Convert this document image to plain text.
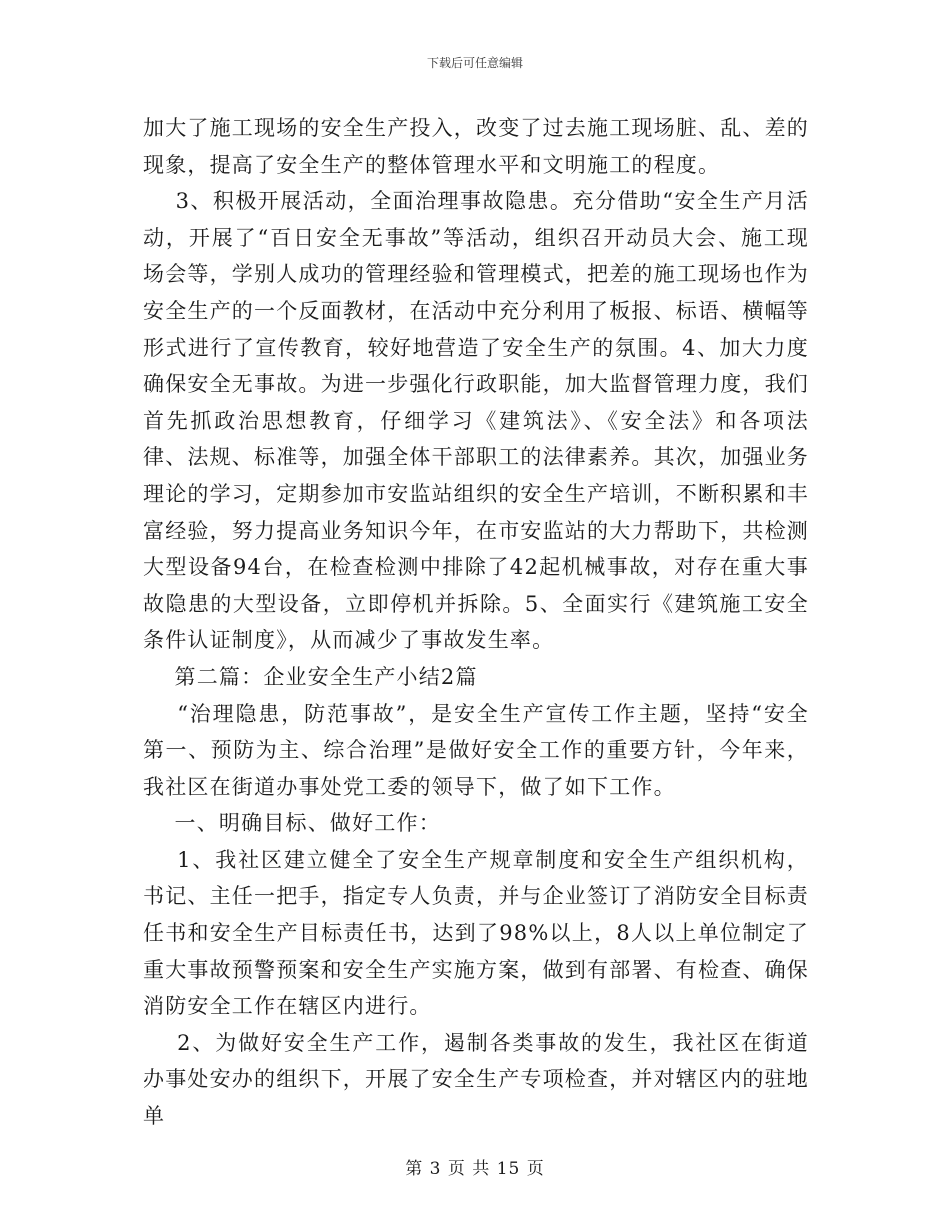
下载后可任意编辑

加大了施工现场的安全生产投入，改变了过去施工现场脏、乱、差的现象，提高了安全生产的整体管理水平和文明施工的程度。

3、积极开展活动，全面治理事故隐患。充分借助“安全生产月活动，开展了“百日安全无事故”等活动，组织召开动员大会、施工现场会等，学别人成功的管理经验和管理模式，把差的施工现场也作为安全生产的一个反面教材，在活动中充分利用了板报、标语、横幅等形式进行了宣传教育，较好地营造了安全生产的氛围。4、加大力度确保安全无事故。为进一步强化行政职能，加大监督管理力度，我们首先抓政治思想教育，仔细学习《建筑法》、《安全法》和各项法律、法规、标准等，加强全体干部职工的法律素养。其次，加强业务理论的学习，定期参加市安监站组织的安全生产培训，不断积累和丰富经验，努力提高业务知识今年，在市安监站的大力帮助下，共检测大型设备94台，在检查检测中排除了42起机械事故，对存在重大事故隐患的大型设备，立即停机并拆除。5、全面实行《建筑施工安全条件认证制度》，从而减少了事故发生率。

第二篇：企业安全生产小结2篇

“治理隐患，防范事故”，是安全生产宣传工作主题，坚持“安全第一、预防为主、综合治理”是做好安全工作的重要方针，今年来，我社区在街道办事处党工委的领导下，做了如下工作。

一、明确目标、做好工作：

1、我社区建立健全了安全生产规章制度和安全生产组织机构，书记、主任一把手，指定专人负责，并与企业签订了消防安全目标责任书和安全生产目标责任书，达到了98%以上，8人以上单位制定了重大事故预警预案和安全生产实施方案，做到有部署、有检查、确保消防安全工作在辖区内进行。

2、为做好安全生产工作，遏制各类事故的发生，我社区在街道办事处安办的组织下，开展了安全生产专项检查，并对辖区内的驻地单

第 3 页 共 15 页
